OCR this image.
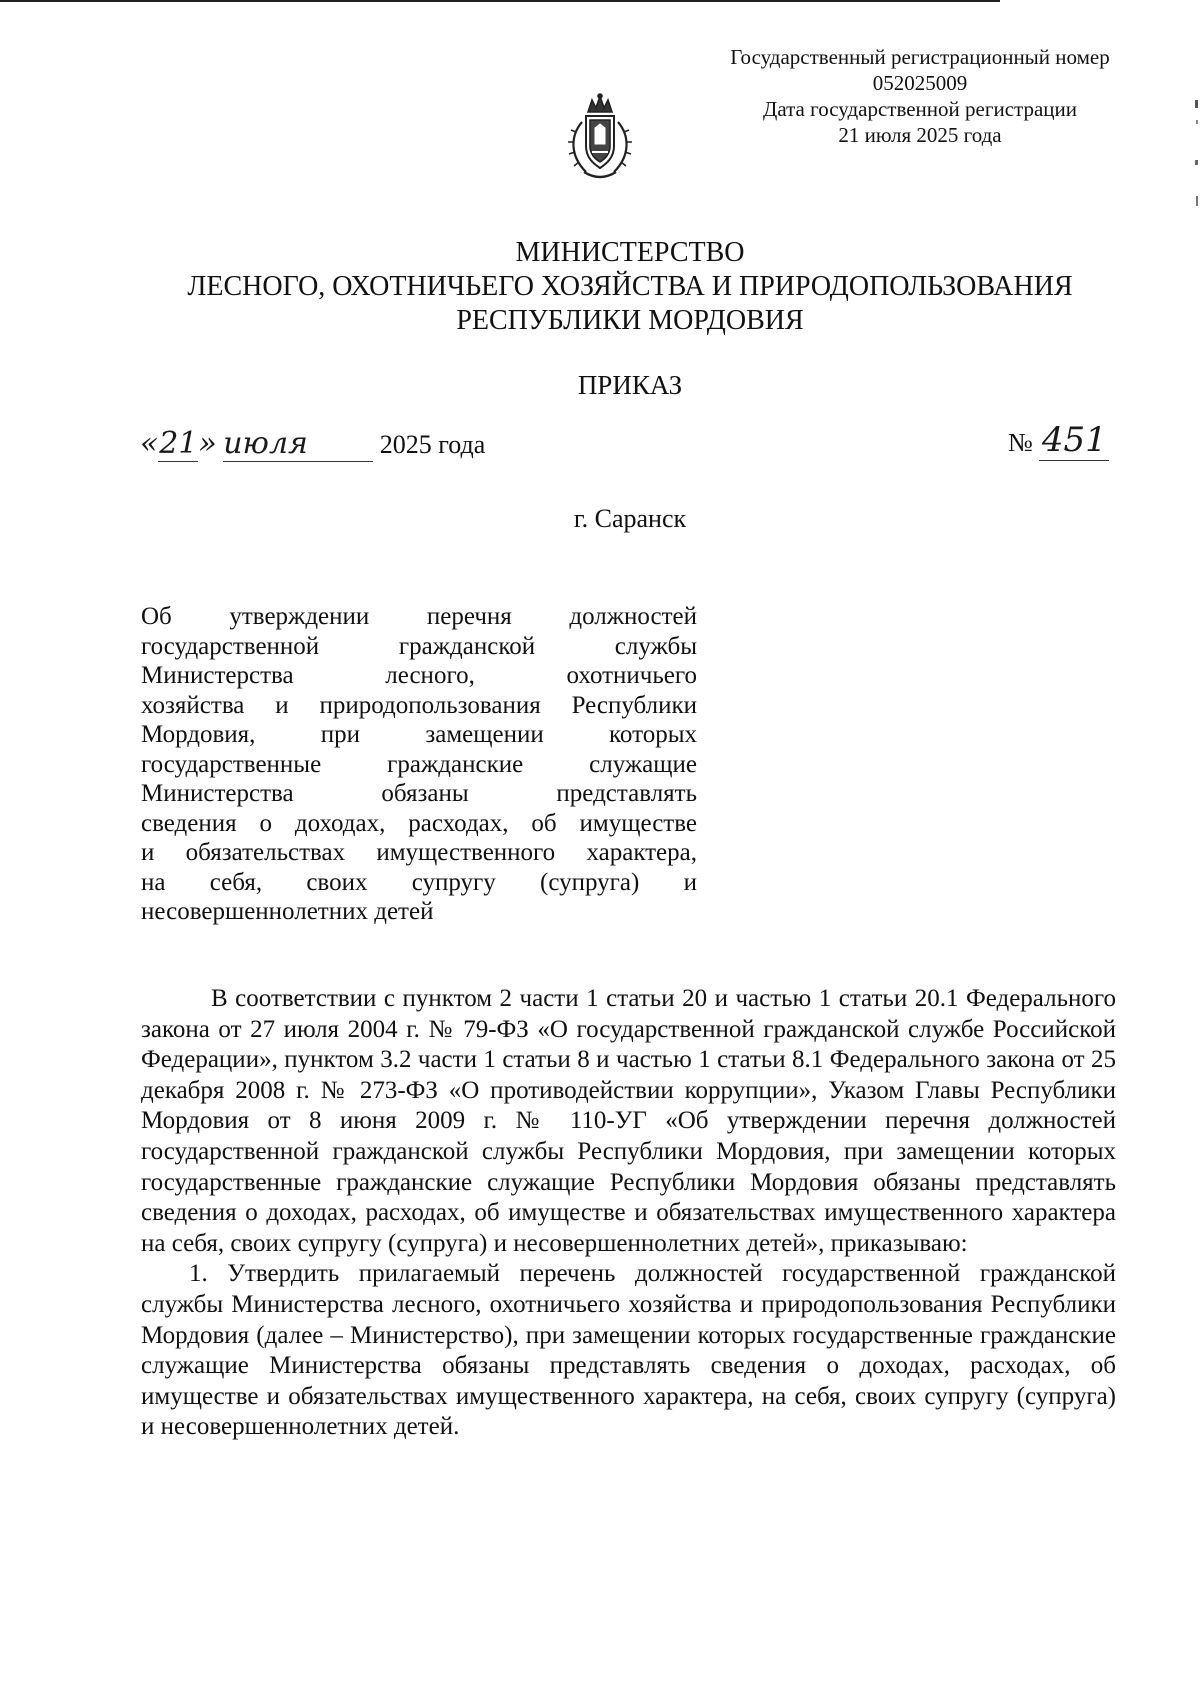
Государственный регистрационный номер
052025009
Дата государственной регистрации
21 июля 2025 года
МИНИСТЕРСТВО
ЛЕСНОГО, ОХОТНИЧЬЕГО ХОЗЯЙСТВА И ПРИРОДОПОЛЬЗОВАНИЯ
РЕСПУБЛИКИ МОРДОВИЯ
ПРИКАЗ
«21» июля	2025 года	№ 451
г. Саранск
Об утверждении перечня должностей
государственной гражданской службы
Министерства лесного, охотничьего
хозяйства и природопользования Республики
Мордовия, при замещении которых
государственные гражданские служащие
Министерства обязаны представлять
сведения о доходах, расходах, об имуществе
и обязательствах имущественного характера,
на себя, своих супругу (супруга) и
несовершеннолетних детей

В соответствии с пунктом 2 части 1 статьи 20 и частью 1 статьи 20.1 Федерального закона от 27 июля 2004 г. № 79-ФЗ «О государственной гражданской службе Российской Федерации», пунктом 3.2 части 1 статьи 8 и частью 1 статьи 8.1 Федерального закона от 25 декабря 2008 г. № 273-ФЗ «О противодействии коррупции», Указом Главы Республики Мордовия от 8 июня 2009 г. № 110-УГ «Об утверждении перечня должностей государственной гражданской службы Республики Мордовия, при замещении которых государственные гражданские служащие Республики Мордовия обязаны представлять сведения о доходах, расходах, об имуществе и обязательствах имущественного характера на себя, своих супругу (супруга) и несовершеннолетних детей», приказываю:

1. Утвердить прилагаемый перечень должностей государственной гражданской службы Министерства лесного, охотничьего хозяйства и природопользования Республики Мордовия (далее – Министерство), при замещении которых государственные гражданские служащие Министерства обязаны представлять сведения о доходах, расходах, об имуществе и обязательствах имущественного характера, на себя, своих супругу (супруга) и несовершеннолетних детей.
